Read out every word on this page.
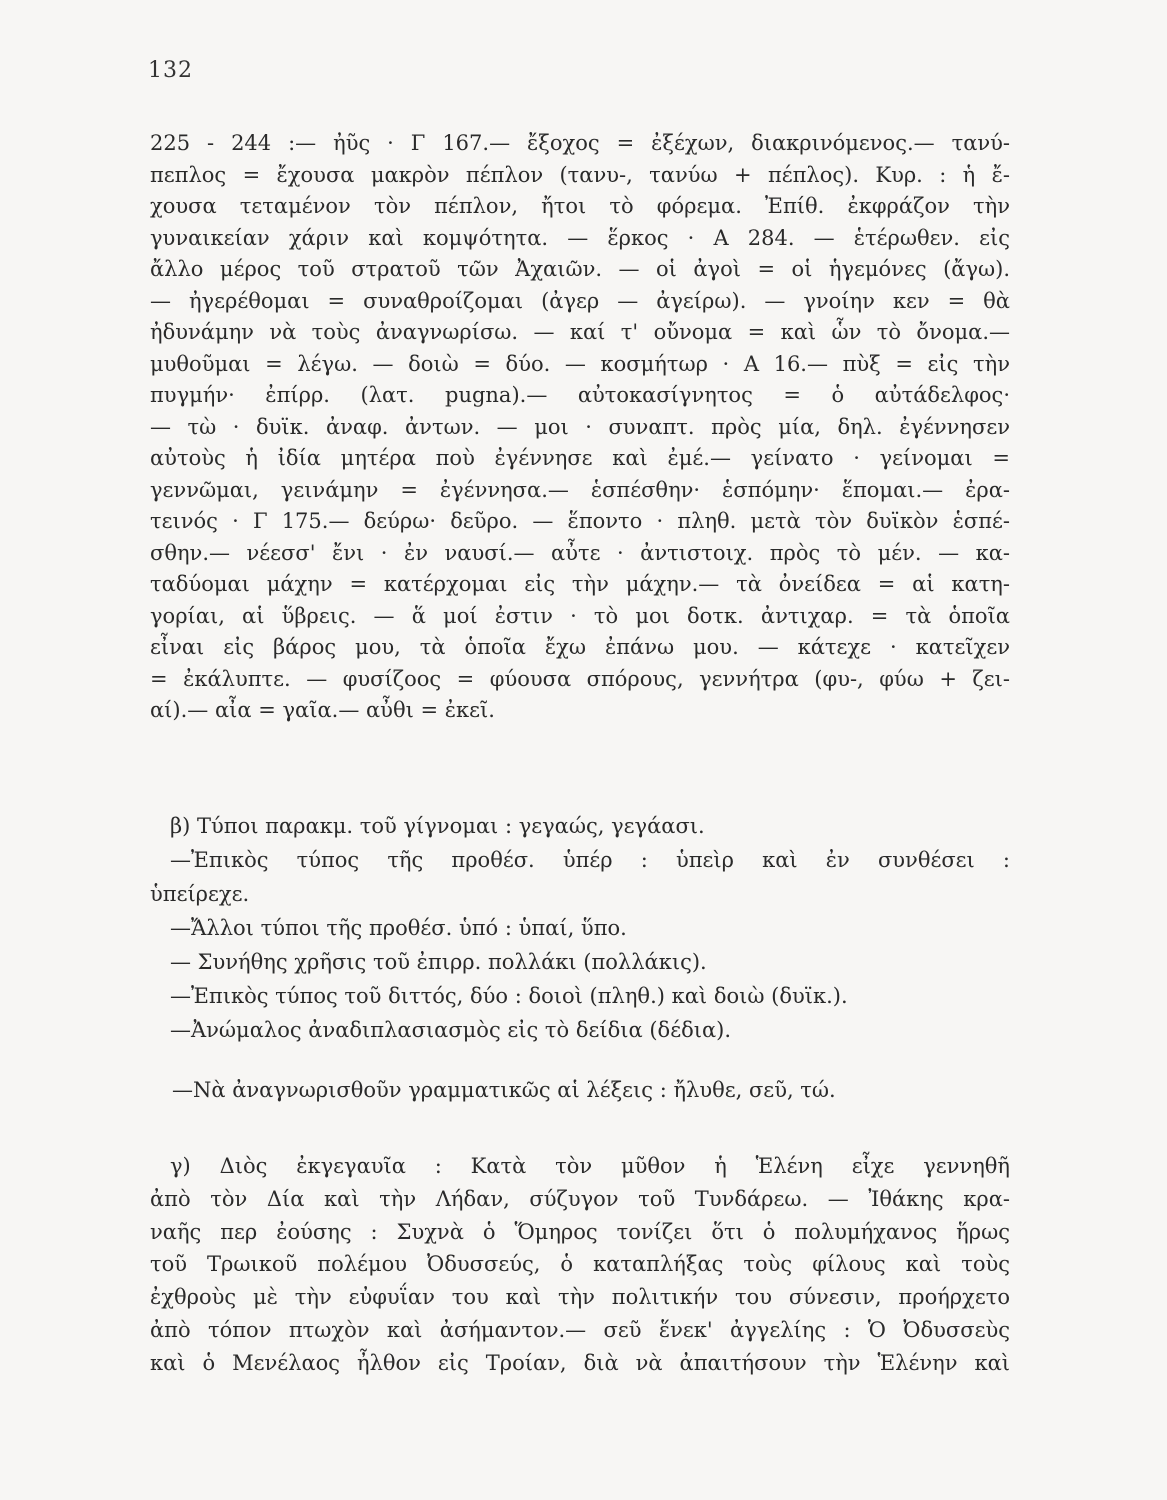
132
225 - 244 :— ἠῦς · Γ 167.— ἔξοχος = ἐξέχων, διακρινόμενος.— τανύ-
πεπλος = ἔχουσα μακρὸν πέπλον (τανυ-, τανύω + πέπλος). Κυρ. : ἡ ἔ-
χουσα τεταμένον τὸν πέπλον, ἤτοι τὸ φόρεμα. Ἐπίθ. ἐκφράζον τὴν
γυναικείαν χάριν καὶ κομψότητα. — ἕρκος · Α 284. — ἑτέρωθεν. εἰς
ἄλλο μέρος τοῦ στρατοῦ τῶν Ἀχαιῶν. — οἱ ἀγοὶ = οἱ ἡγεμόνες (ἄγω).
— ἠγερέθομαι = συναθροίζομαι (ἀγερ — ἀγείρω). — γνοίην κεν = θὰ
ἠδυνάμην νὰ τοὺς ἀναγνωρίσω. — καί τ' οὔνομα = καὶ ὧν τὸ ὄνομα.—
μυθοῦμαι = λέγω. — δοιὼ = δύο. — κοσμήτωρ · Α 16.— πὺξ = εἰς τὴν
πυγμήν· ἐπίρρ. (λατ. pugna).— αὐτοκασίγνητος = ὁ αὐτάδελφος·
— τὼ · δυϊκ. ἀναφ. ἀντων. — μοι · συναπτ. πρὸς μία, δηλ. ἐγέννησεν
αὐτοὺς ἡ ἰδία μητέρα ποὺ ἐγέννησε καὶ ἐμέ.— γείνατο · γείνομαι =
γεννῶμαι, γεινάμην = ἐγέννησα.— ἑσπέσθην· ἑσπόμην· ἕπομαι.— ἐρα-
τεινός · Γ 175.— δεύρω· δεῦρο. — ἕποντο · πληθ. μετὰ τὸν δυϊκὸν ἑσπέ-
σθην.— νέεσσ' ἔνι · ἐν ναυσί.— αὖτε · ἀντιστοιχ. πρὸς τὸ μέν. — κα-
ταδύομαι μάχην = κατέρχομαι εἰς τὴν μάχην.— τὰ ὀνείδεα = αἱ κατη-
γορίαι, αἱ ὕβρεις. — ἅ μοί ἐστιν · τὸ μοι δοτκ. ἀντιχαρ. = τὰ ὁποῖα
εἶναι εἰς βάρος μου, τὰ ὁποῖα ἔχω ἐπάνω μου. — κάτεχε · κατεῖχεν
= ἐκάλυπτε. — φυσίζοος = φύουσα σπόρους, γεννήτρα (φυ-, φύω + ζει-
αί).— αἶα = γαῖα.— αὖθι = ἐκεῖ.
β) Τύποι παρακμ. τοῦ γίγνομαι : γεγαώς, γεγάασι.
—Ἐπικὸς τύπος τῆς προθέσ. ὑπέρ : ὑπεὶρ καὶ ἐν συνθέσει :
ὑπείρεχε.
—Ἄλλοι τύποι τῆς προθέσ. ὑπό : ὑπαί, ὕπο.
— Συνήθης χρῆσις τοῦ ἐπιρρ. πολλάκι (πολλάκις).
—Ἐπικὸς τύπος τοῦ διττός, δύο : δοιοὶ (πληθ.) καὶ δοιὼ (δυϊκ.).
—Ἀνώμαλος ἀναδιπλασιασμὸς εἰς τὸ δείδια (δέδια).
—Νὰ ἀναγνωρισθοῦν γραμματικῶς αἱ λέξεις : ἤλυθε, σεῦ, τώ.
γ) Διὸς ἐκγεγαυῖα : Κατὰ τὸν μῦθον ἡ Ἑλένη εἶχε γεννηθῆ
ἀπὸ τὸν Δία καὶ τὴν Λήδαν, σύζυγον τοῦ Τυνδάρεω. — Ἰθάκης κρα-
ναῆς περ ἐούσης : Συχνὰ ὁ Ὅμηρος τονίζει ὅτι ὁ πολυμήχανος ἥρως
τοῦ Τρωικοῦ πολέμου Ὀδυσσεύς, ὁ καταπλήξας τοὺς φίλους καὶ τοὺς
ἐχθροὺς μὲ τὴν εὐφυΐαν του καὶ τὴν πολιτικήν του σύνεσιν, προήρχετο
ἀπὸ τόπον πτωχὸν καὶ ἀσήμαντον.— σεῦ ἕνεκ' ἀγγελίης : Ὁ Ὀδυσσεὺς
καὶ ὁ Μενέλαος ἦλθον εἰς Τροίαν, διὰ νὰ ἀπαιτήσουν τὴν Ἑλένην καὶ
